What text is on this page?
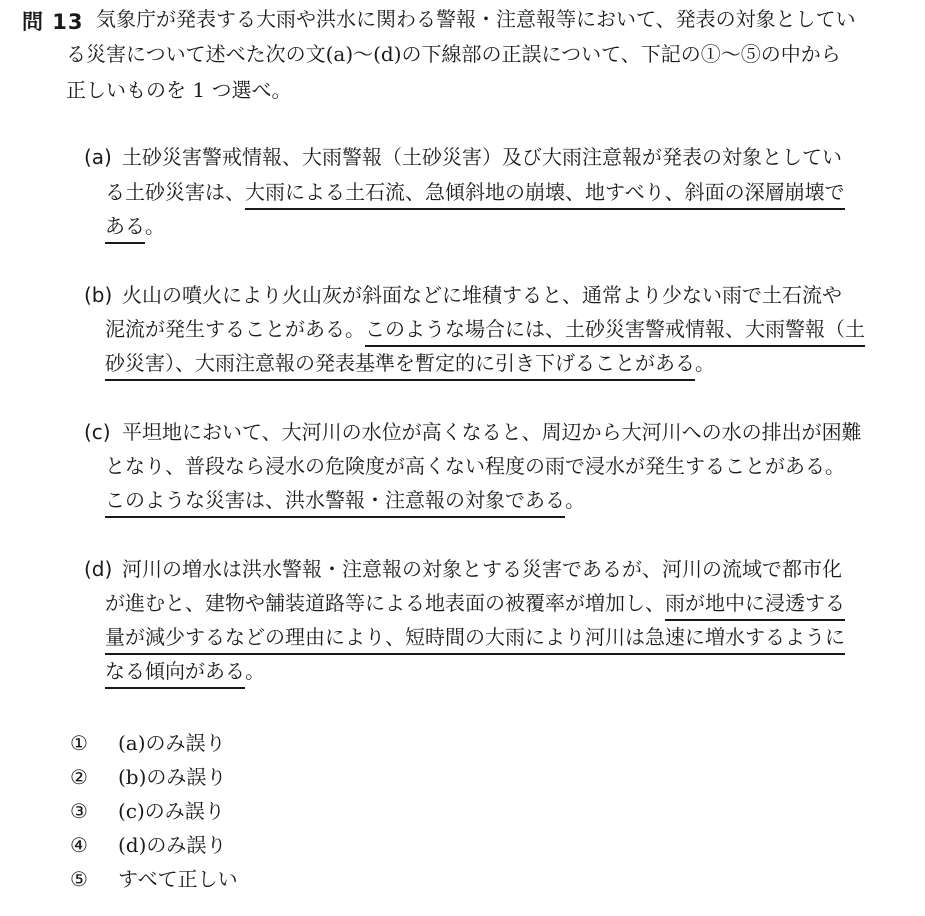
問 13 気象庁が発表する大雨や洪水に関わる警報・注意報等において、発表の対象としてい
る災害について述べた次の文(a)～(d)の下線部の正誤について、下記の①～⑤の中から
正しいものを 1 つ選べ。
(a) 土砂災害警戒情報、大雨警報（土砂災害）及び大雨注意報が発表の対象としてい
る土砂災害は、大雨による土石流、急傾斜地の崩壊、地すべり、斜面の深層崩壊で
ある。
(b) 火山の噴火により火山灰が斜面などに堆積すると、通常より少ない雨で土石流や
泥流が発生することがある。このような場合には、土砂災害警戒情報、大雨警報（土
砂災害）、大雨注意報の発表基準を暫定的に引き下げることがある。
(c) 平坦地において、大河川の水位が高くなると、周辺から大河川への水の排出が困難
となり、普段なら浸水の危険度が高くない程度の雨で浸水が発生することがある。
このような災害は、洪水警報・注意報の対象である。
(d) 河川の増水は洪水警報・注意報の対象とする災害であるが、河川の流域で都市化
が進むと、建物や舗装道路等による地表面の被覆率が増加し、雨が地中に浸透する
量が減少するなどの理由により、短時間の大雨により河川は急速に増水するように
なる傾向がある。
① (a)のみ誤り
② (b)のみ誤り
③ (c)のみ誤り
④ (d)のみ誤り
⑤ すべて正しい
